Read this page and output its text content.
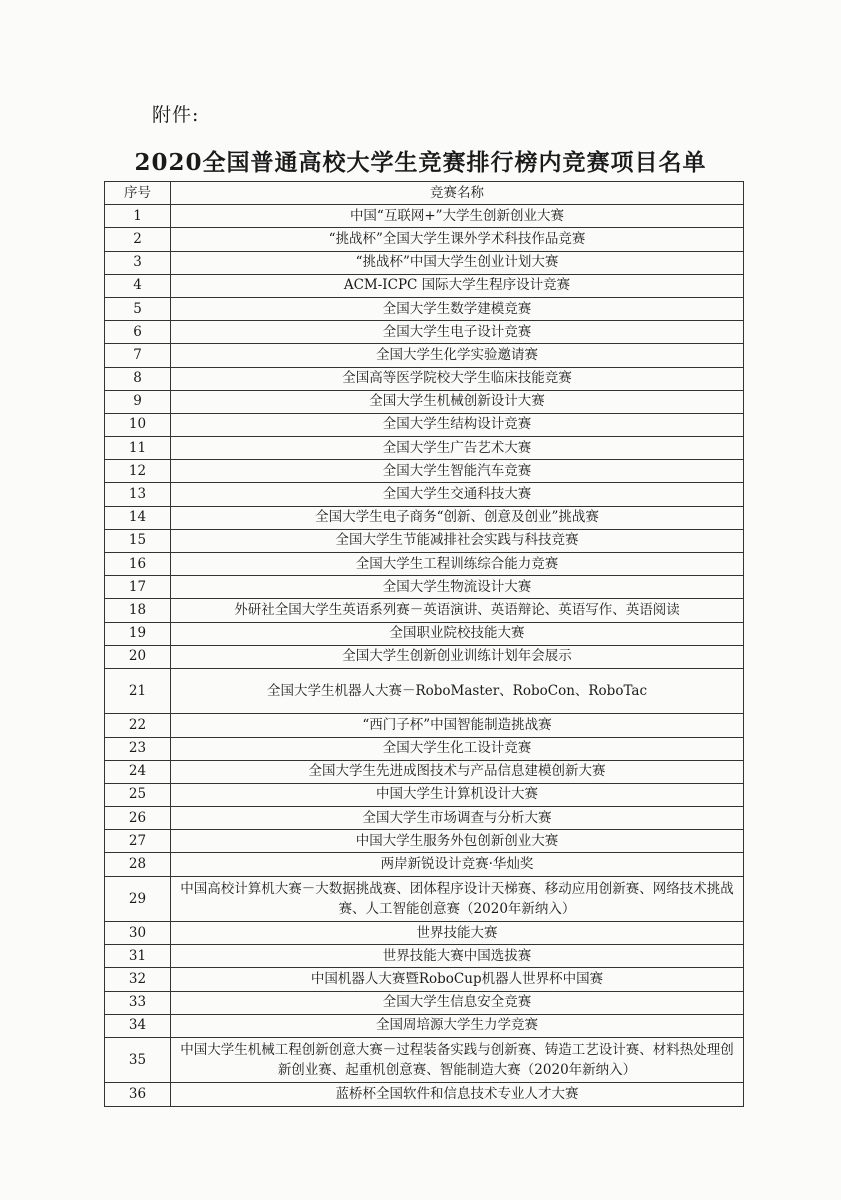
附件:
2020全国普通高校大学生竞赛排行榜内竞赛项目名单
序号	竞赛名称
1	中国“互联网+”大学生创新创业大赛
2	“挑战杯”全国大学生课外学术科技作品竞赛
3	“挑战杯”中国大学生创业计划大赛
4	ACM-ICPC 国际大学生程序设计竞赛
5	全国大学生数学建模竞赛
6	全国大学生电子设计竞赛
7	全国大学生化学实验邀请赛
8	全国高等医学院校大学生临床技能竞赛
9	全国大学生机械创新设计大赛
10	全国大学生结构设计竞赛
11	全国大学生广告艺术大赛
12	全国大学生智能汽车竞赛
13	全国大学生交通科技大赛
14	全国大学生电子商务“创新、创意及创业”挑战赛
15	全国大学生节能减排社会实践与科技竞赛
16	全国大学生工程训练综合能力竞赛
17	全国大学生物流设计大赛
18	外研社全国大学生英语系列赛－英语演讲、英语辩论、英语写作、英语阅读
19	全国职业院校技能大赛
20	全国大学生创新创业训练计划年会展示
21	全国大学生机器人大赛－RoboMaster、RoboCon、RoboTac
22	“西门子杯”中国智能制造挑战赛
23	全国大学生化工设计竞赛
24	全国大学生先进成图技术与产品信息建模创新大赛
25	中国大学生计算机设计大赛
26	全国大学生市场调查与分析大赛
27	中国大学生服务外包创新创业大赛
28	两岸新锐设计竞赛·华灿奖
29	中国高校计算机大赛－大数据挑战赛、团体程序设计天梯赛、移动应用创新赛、网络技术挑战赛、人工智能创意赛（2020年新纳入）
30	世界技能大赛
31	世界技能大赛中国选拔赛
32	中国机器人大赛暨RoboCup机器人世界杯中国赛
33	全国大学生信息安全竞赛
34	全国周培源大学生力学竞赛
35	中国大学生机械工程创新创意大赛－过程装备实践与创新赛、铸造工艺设计赛、材料热处理创新创业赛、起重机创意赛、智能制造大赛（2020年新纳入）
36	蓝桥杯全国软件和信息技术专业人才大赛
